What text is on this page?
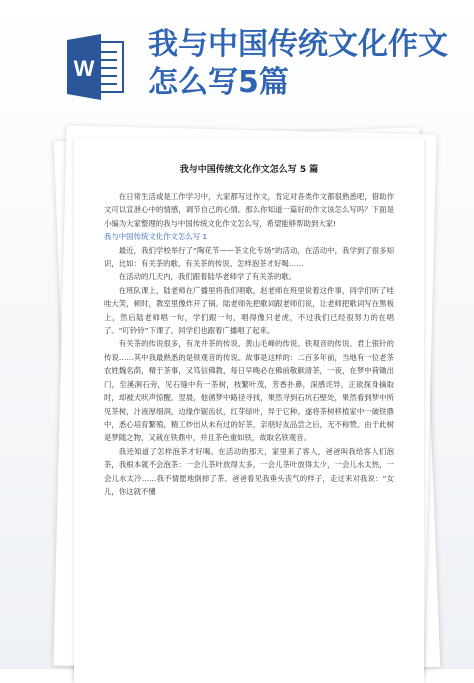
W
我与中国传统文化作文怎么写5篇

我与中国传统文化作文怎么写 5 篇

在日常生活或是工作学习中，大家都写过作文，肯定对各类作文都很熟悉吧，借助作文可以宣泄心中的情感，调节自己的心情。那么你知道一篇好的作文该怎么写吗？下面是小编为大家整理的我与中国传统文化作文怎么写，希望能够帮助到大家!

我与中国传统文化作文怎么写 1

最近，我们学校举行了“陶花节——茶文化专场”的活动，在活动中，我学到了很多知识，比如：有关茶的歌、有关茶的传说、怎样泡茶才好喝……

在活动的几天内，我们跟着陆华老师学了有关茶的歌。

在班队课上，陆老师在广播里将我们唱歌，赵老师在班里说着这件事，同学们听了哇哇大笑，顿时，教室里像炸开了锅。陆老师先把歌词跟老师们说，让老师把歌词写在黑板上，然后陆老师唱一句，学们跟一句，唱得像只老虎，不过我们已经很努力的在唱了。“叮铃铃”下课了，同学们也跟着广播唱了起来。

有关茶的传说很多，有龙井茶的传说、黄山毛峰的传说、铁观音的传说、君上银针的传说……其中我最熟悉的是铁观音的传说。故事是这样的：二百多年前，当地有一位老茶农姓魏名荫，精于茶事，又笃信佛教，每日早晚必在佛前敬献清茶，一夜，在梦中荷锄出门，至溪涧石旁，见石缝中有一茶树，枝繁叶茂，芳香扑鼻，深感诧异，正欲探身摘取时，却被犬吠声惊醒。翌晨，他循梦中路径寻找，果然寻到石坑石壁处，果然看到梦中所见茶树，汁液厚细润，边缘作锯齿状，红芽绿叶，异于它种。遂将茶树移植家中一破铁鼎中，悉心培育繁殖，精工炒出从未有过的好茶，亲朋好友品尝之后，无不称赞。由于此树是梦随之物，又栽在铁鼎中，并且茶色重如铁，故取名铁观音。

我还知道了怎样泡茶才好喝。在活动的那天，家里来了客人，爸爸叫我给客人们泡茶，我根本就不会泡茶：一会儿茶叶放得太多，一会儿茶叶放得太少，一会儿水太热，一会儿水太冷……我不情愿地倒掉了茶。爸爸看见我垂头丧气的样子，走过来对我说：“女儿，你这就不懂
